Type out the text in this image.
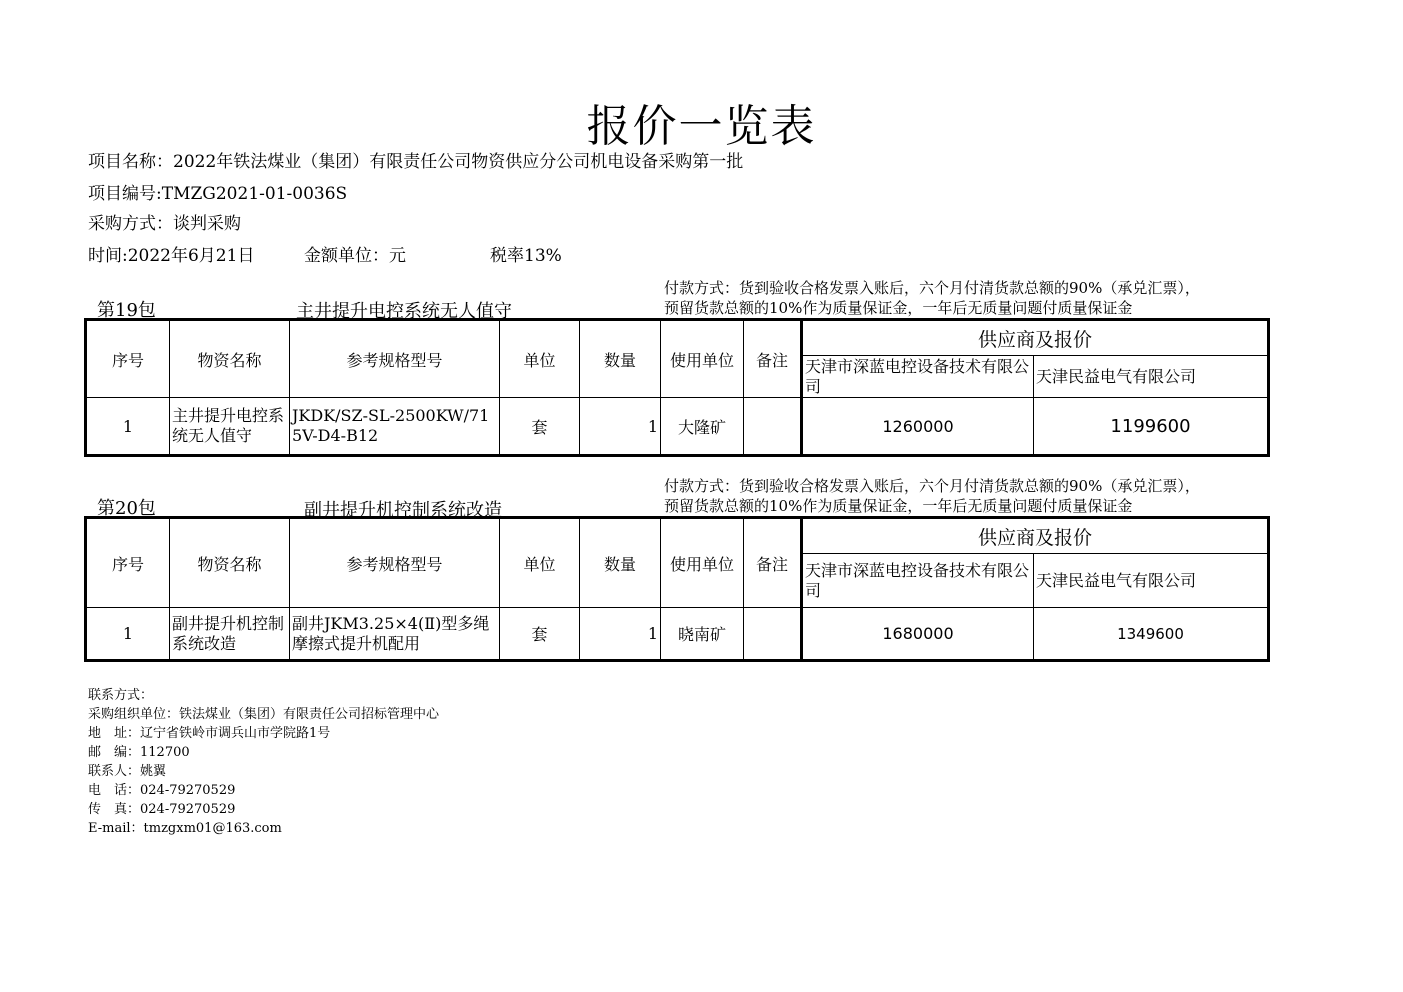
报价一览表
项目名称：2022年铁法煤业（集团）有限责任公司物资供应分公司机电设备采购第一批
项目编号:TMZG2021-01-0036S
采购方式：谈判采购
时间:2022年6月21日	金额单位：元	税率13%
第19包	主井提升电控系统无人值守
付款方式：货到验收合格发票入账后，六个月付清货款总额的90%（承兑汇票），
预留货款总额的10%作为质量保证金，一年后无质量问题付质量保证金
序号	物资名称	参考规格型号	单位	数量	使用单位	备注	供应商及报价	
							天津市深蓝电控设备技术有限公司	天津民益电气有限公司
1	主井提升电控系统无人值守	JKDK/SZ-SL-2500KW/715V-D4-B12	套	1	大隆矿		1260000	1199600
第20包	副井提升机控制系统改造
付款方式：货到验收合格发票入账后，六个月付清货款总额的90%（承兑汇票），
预留货款总额的10%作为质量保证金，一年后无质量问题付质量保证金
序号	物资名称	参考规格型号	单位	数量	使用单位	备注	供应商及报价	
							天津市深蓝电控设备技术有限公司	天津民益电气有限公司
1	副井提升机控制系统改造	副井JKM3.25×4(Ⅱ)型多绳摩擦式提升机配用	套	1	晓南矿		1680000	1349600
联系方式：
采购组织单位：铁法煤业（集团）有限责任公司招标管理中心
地　址：辽宁省铁岭市调兵山市学院路1号
邮　编：112700
联系人：姚翼
电　话：024-79270529
传　真：024-79270529
E-mail：tmzgxm01@163.com
